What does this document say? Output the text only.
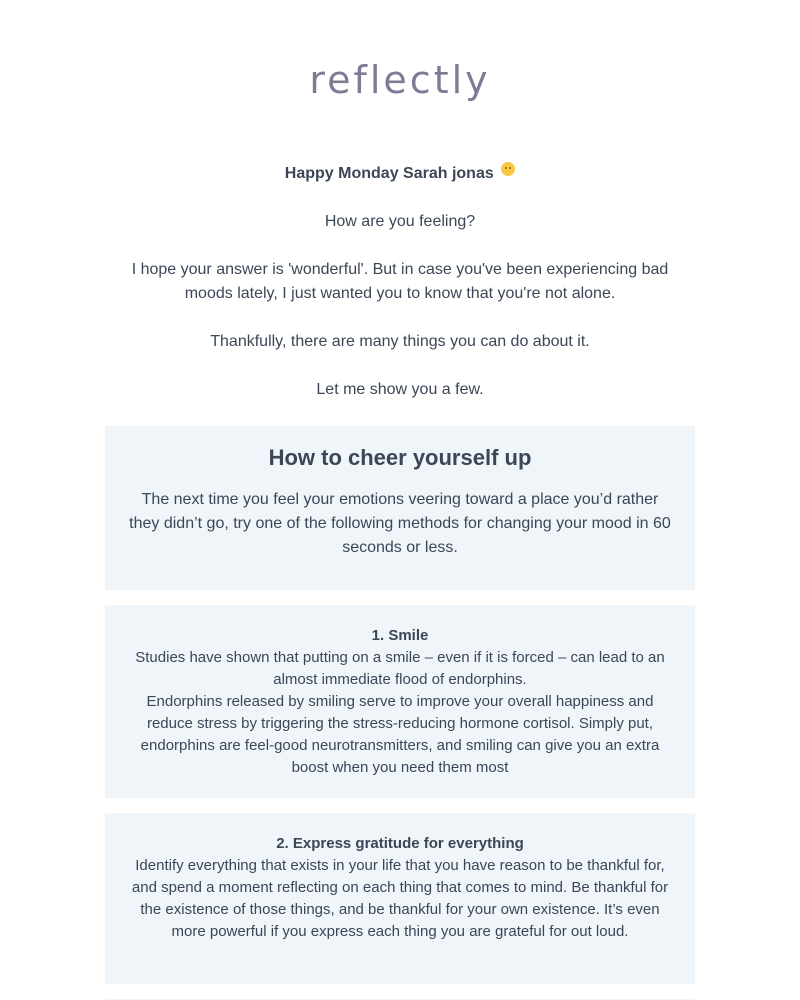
reflectly

Happy Monday Sarah jonas

How are you feeling?

I hope your answer is 'wonderful'. But in case you've been experiencing bad moods lately, I just wanted you to know that you're not alone.

Thankfully, there are many things you can do about it.

Let me show you a few.

How to cheer yourself up

The next time you feel your emotions veering toward a place you’d rather they didn’t go, try one of the following methods for changing your mood in 60 seconds or less.

1. Smile

Studies have shown that putting on a smile – even if it is forced – can lead to an almost immediate flood of endorphins.

Endorphins released by smiling serve to improve your overall happiness and reduce stress by triggering the stress-reducing hormone cortisol. Simply put, endorphins are feel-good neurotransmitters, and smiling can give you an extra boost when you need them most

2. Express gratitude for everything

Identify everything that exists in your life that you have reason to be thankful for, and spend a moment reflecting on each thing that comes to mind. Be thankful for the existence of those things, and be thankful for your own existence. It’s even more powerful if you express each thing you are grateful for out loud.
